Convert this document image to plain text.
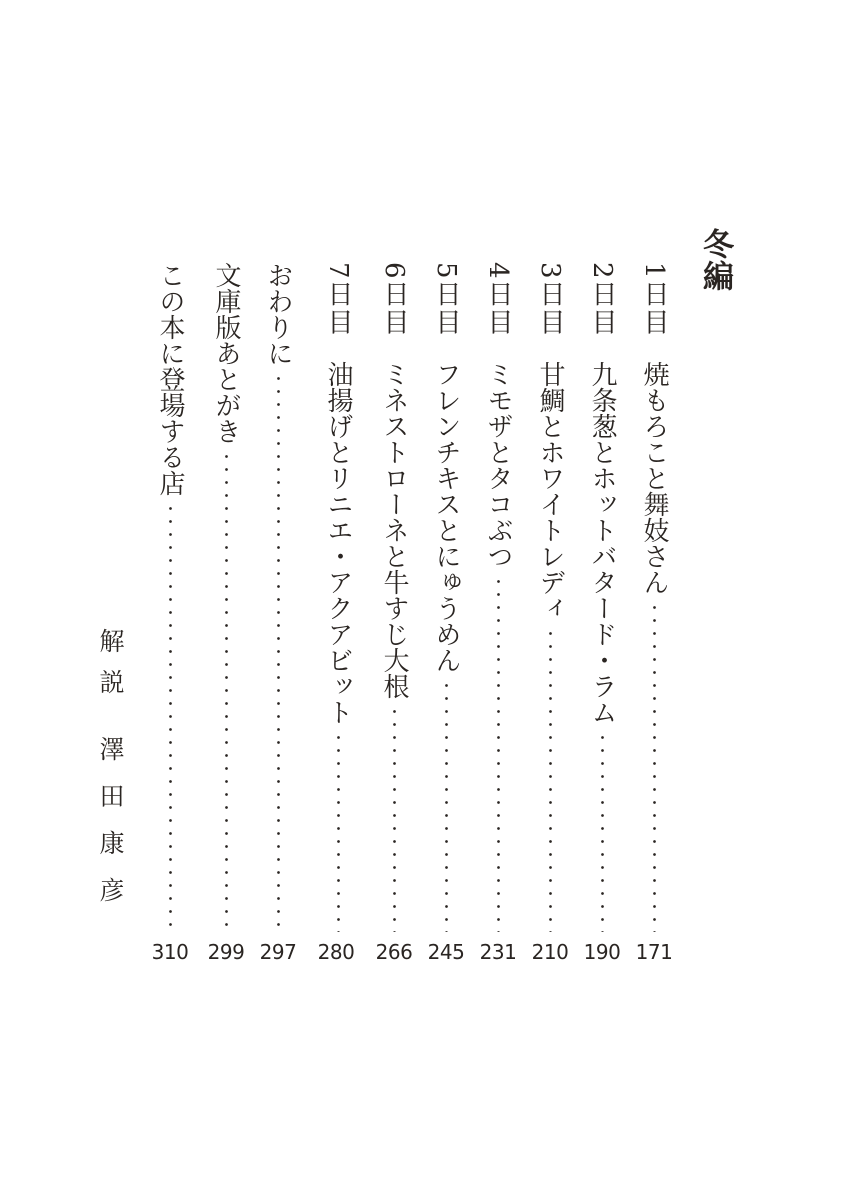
冬編
1日目
焼もろこと舞妓さん
171
2日目
九条葱とホットバタード・ラム
190
3日目
甘鯛とホワイトレディ
210
4日目
ミモザとタコぶつ
231
5日目
フレンチキスとにゅうめん
245
6日目
ミネストローネと牛すじ大根
266
7日目
油揚げとリニエ・アクアビット
280
おわりに
297
文庫版あとがき
299
解説澤田康彦
この本に登場する店
310
